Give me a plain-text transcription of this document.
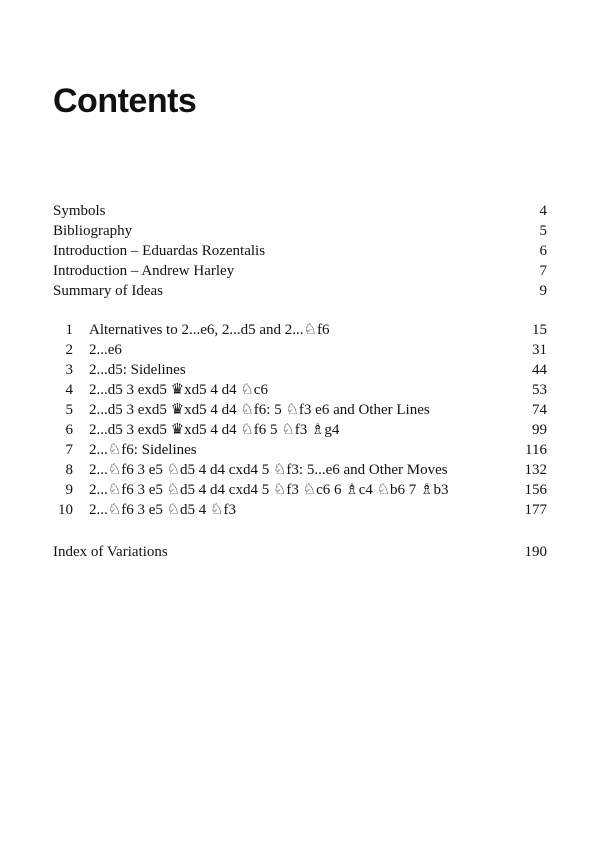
Contents
Symbols	4
Bibliography	5
Introduction – Eduardas Rozentalis	6
Introduction – Andrew Harley	7
Summary of Ideas	9
1 Alternatives to 2...e6, 2...d5 and 2...♘f6	15
2 2...e6	31
3 2...d5: Sidelines	44
4 2...d5 3 exd5 ♛xd5 4 d4 ♘c6	53
5 2...d5 3 exd5 ♛xd5 4 d4 ♘f6: 5 ♘f3 e6 and Other Lines	74
6 2...d5 3 exd5 ♛xd5 4 d4 ♘f6 5 ♘f3 ♗g4	99
7 2...♘f6: Sidelines	116
8 2...♘f6 3 e5 ♘d5 4 d4 cxd4 5 ♘f3: 5...e6 and Other Moves	132
9 2...♘f6 3 e5 ♘d5 4 d4 cxd4 5 ♘f3 ♘c6 6 ♗c4 ♘b6 7 ♗b3	156
10 2...♘f6 3 e5 ♘d5 4 ♘f3	177
Index of Variations	190
